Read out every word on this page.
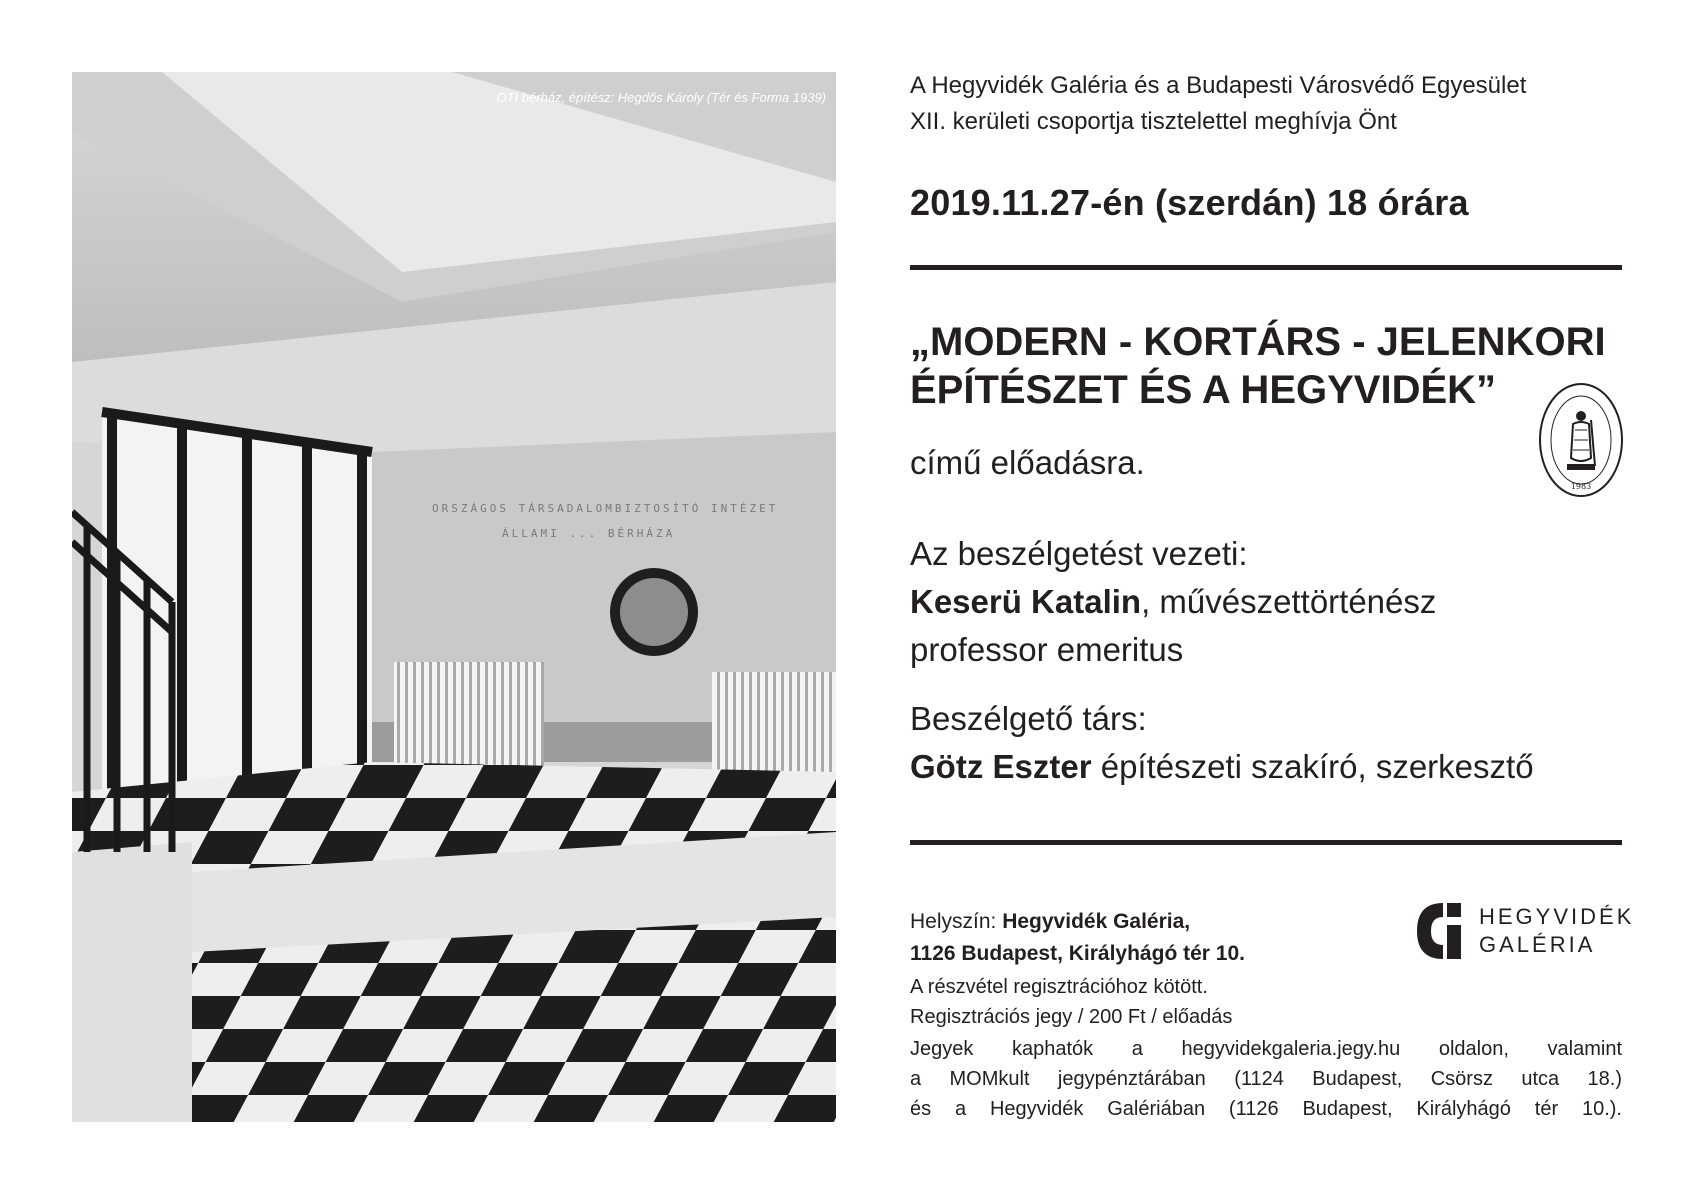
ORSZÁGOS TÁRSADALOMBIZTOSÍTÓ INTÉZET
ÁLLAMI ... BÉRHÁZA
OTI bérház, építész: Hegdős Károly (Tér és Forma 1939)	A Hegyvidék Galéria és a Budapesti Városvédő Egyesület
XII. kerületi csoportja tisztelettel meghívja Önt
2019.11.27-én (szerdán) 18 órára
„MODERN - KORTÁRS - JELENKORI
ÉPÍTÉSZET ÉS A HEGYVIDÉK”
című előadásra.
1983
Az beszélgetést vezeti:
Keserü Katalin, művészettörténész
professor emeritus
Beszélgető társ:
Götz Eszter építészeti szakíró, szerkesztő
Helyszín: Hegyvidék Galéria,
1126 Budapest, Királyhágó tér 10.
HEGYVIDÉK
GALÉRIA
A részvétel regisztrációhoz kötött.
Regisztrációs jegy / 200 Ft / előadás
Jegyek kaphatók a hegyvidekgaleria.jegy.hu oldalon, valamint
a MOMkult jegypénztárában (1124 Budapest, Csörsz utca 18.)
és a Hegyvidék Galériában (1126 Budapest, Királyhágó tér 10.).
